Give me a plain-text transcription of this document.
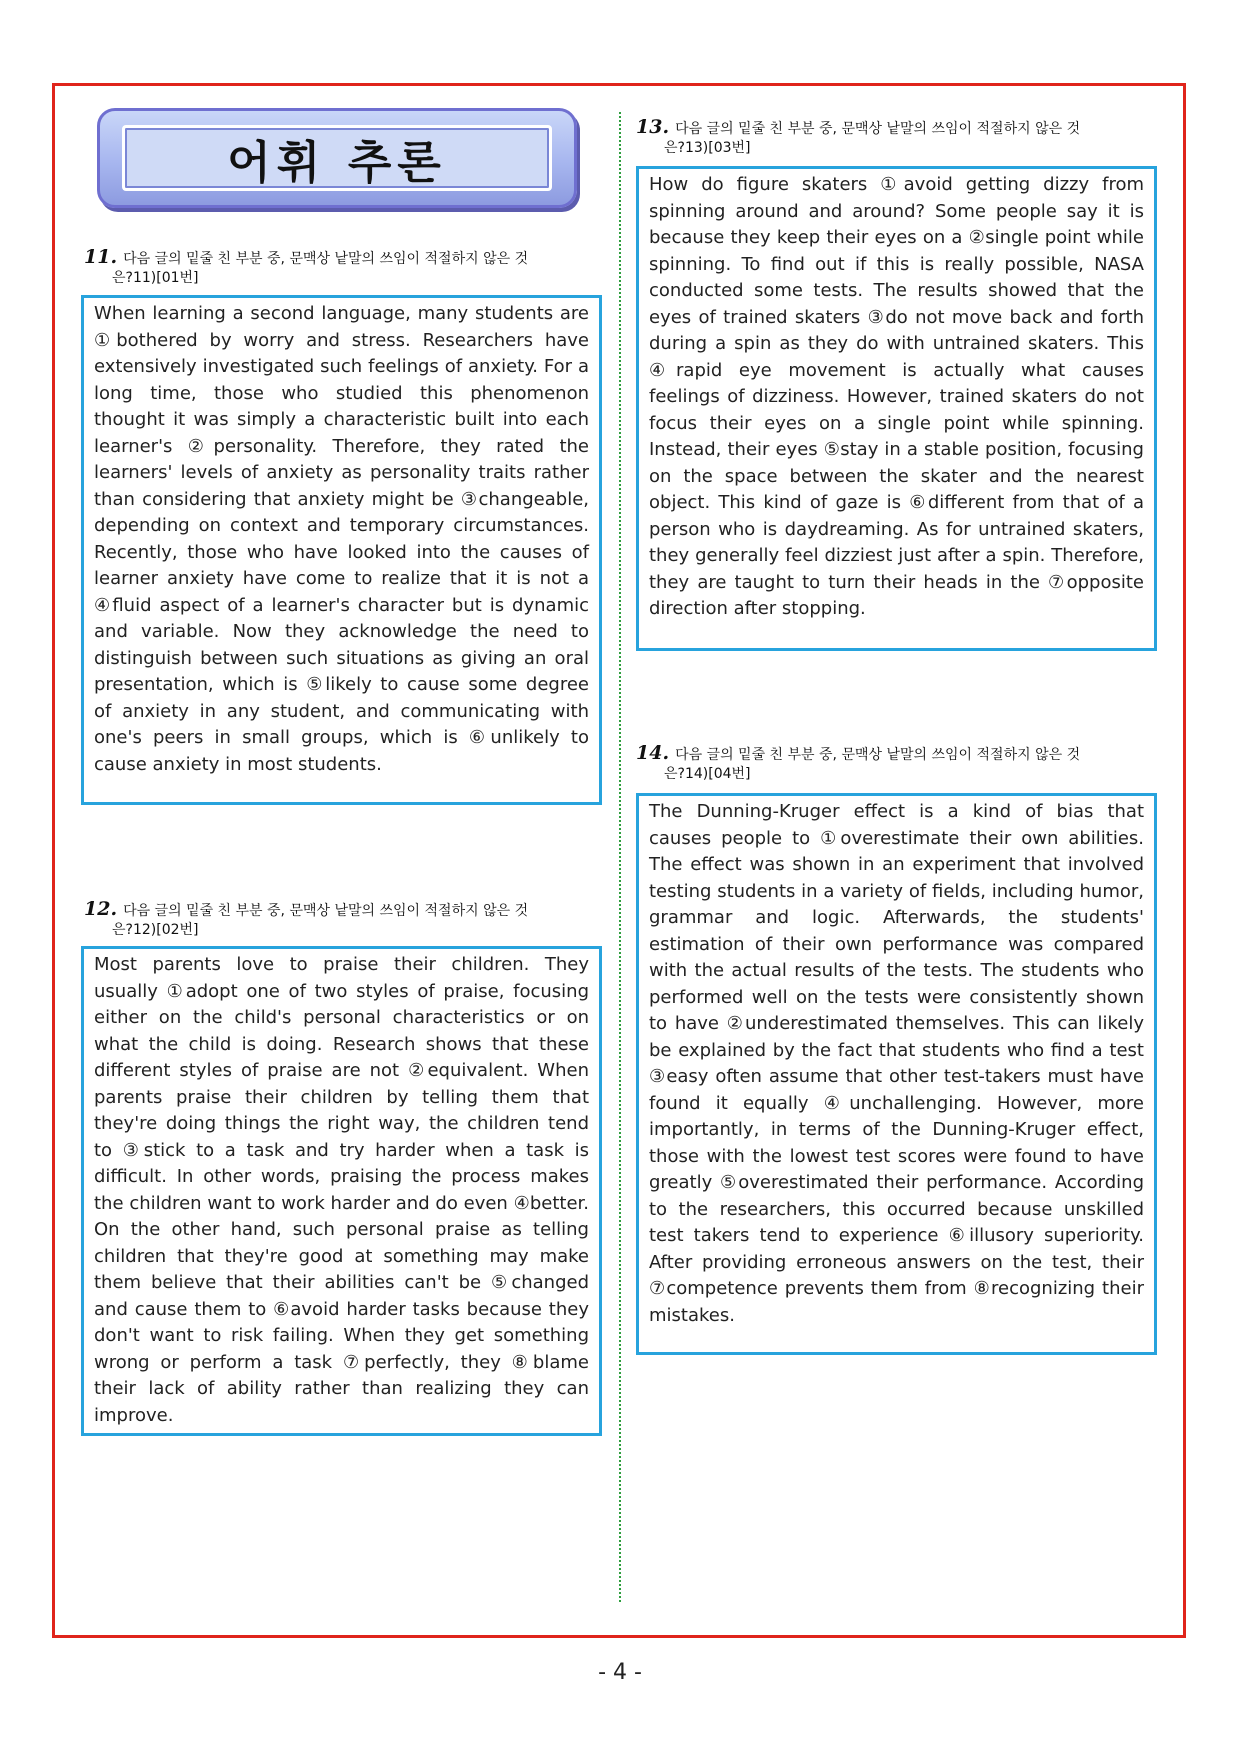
어휘 추론
11. 다음 글의 밑줄 친 부분 중, 문맥상 낱말의 쓰임이 적절하지 않은 것
은?11)[01번]

When learning a second language, many students are ①bothered by worry and stress. Researchers have extensively investigated such feelings of anxiety. For a long time, those who studied this phenomenon thought it was simply a characteristic built into each learner's ②personality. Therefore, they rated the learners' levels of anxiety as personality traits rather than considering that anxiety might be ③changeable, depending on context and temporary circumstances. Recently, those who have looked into the causes of learner anxiety have come to realize that it is not a ④fluid aspect of a learner's character but is dynamic and variable. Now they acknowledge the need to distinguish between such situations as giving an oral presentation, which is ⑤likely to cause some degree of anxiety in any student, and communicating with one's peers in small groups, which is ⑥unlikely to cause anxiety in most students.

12. 다음 글의 밑줄 친 부분 중, 문맥상 낱말의 쓰임이 적절하지 않은 것
은?12)[02번]

Most parents love to praise their children. They usually ①adopt one of two styles of praise, focusing either on the child's personal characteristics or on what the child is doing. Research shows that these different styles of praise are not ②equivalent. When parents praise their children by telling them that they're doing things the right way, the children tend to ③stick to a task and try harder when a task is difficult. In other words, praising the process makes the children want to work harder and do even ④better. On the other hand, such personal praise as telling children that they're good at something may make them believe that their abilities can't be ⑤changed and cause them to ⑥avoid harder tasks because they don't want to risk failing. When they get something wrong or perform a task ⑦perfectly, they ⑧blame their lack of ability rather than realizing they can improve.

13. 다음 글의 밑줄 친 부분 중, 문맥상 낱말의 쓰임이 적절하지 않은 것
은?13)[03번]

How do figure skaters ①avoid getting dizzy from spinning around and around? Some people say it is because they keep their eyes on a ②single point while spinning. To find out if this is really possible, NASA conducted some tests. The results showed that the eyes of trained skaters ③do not move back and forth during a spin as they do with untrained skaters. This ④rapid eye movement is actually what causes feelings of dizziness. However, trained skaters do not focus their eyes on a single point while spinning. Instead, their eyes ⑤stay in a stable position, focusing on the space between the skater and the nearest object. This kind of gaze is ⑥different from that of a person who is daydreaming. As for untrained skaters, they generally feel dizziest just after a spin. Therefore, they are taught to turn their heads in the ⑦opposite direction after stopping.

14. 다음 글의 밑줄 친 부분 중, 문맥상 낱말의 쓰임이 적절하지 않은 것
은?14)[04번]

The Dunning-Kruger effect is a kind of bias that causes people to ①overestimate their own abilities. The effect was shown in an experiment that involved testing students in a variety of fields, including humor, grammar and logic. Afterwards, the students' estimation of their own performance was compared with the actual results of the tests. The students who performed well on the tests were consistently shown to have ②underestimated themselves. This can likely be explained by the fact that students who find a test ③easy often assume that other test-takers must have found it equally ④unchallenging. However, more importantly, in terms of the Dunning-Kruger effect, those with the lowest test scores were found to have greatly ⑤overestimated their performance. According to the researchers, this occurred because unskilled test takers tend to experience ⑥illusory superiority. After providing erroneous answers on the test, their ⑦competence prevents them from ⑧recognizing their mistakes.

- 4 -
